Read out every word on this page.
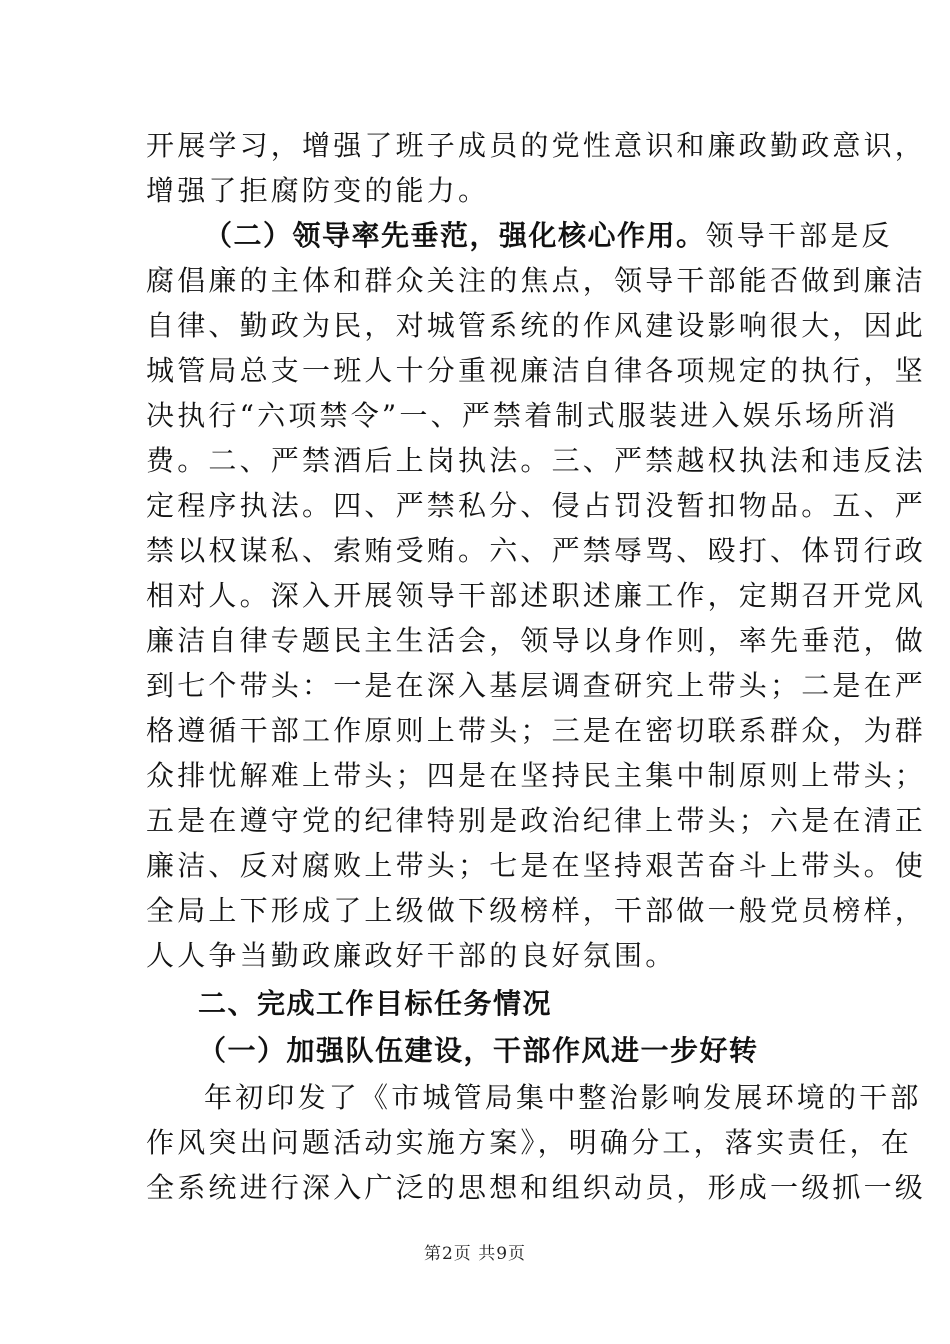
开展学习，增强了班子成员的党性意识和廉政勤政意识，
增强了拒腐防变的能力。
（二）领导率先垂范，强化核心作用。领导干部是反
腐倡廉的主体和群众关注的焦点，领导干部能否做到廉洁
自律、勤政为民，对城管系统的作风建设影响很大，因此
城管局总支一班人十分重视廉洁自律各项规定的执行，坚
决执行“六项禁令”一、严禁着制式服装进入娱乐场所消
费。二、严禁酒后上岗执法。三、严禁越权执法和违反法
定程序执法。四、严禁私分、侵占罚没暂扣物品。五、严
禁以权谋私、索贿受贿。六、严禁辱骂、殴打、体罚行政
相对人。深入开展领导干部述职述廉工作，定期召开党风
廉洁自律专题民主生活会，领导以身作则，率先垂范，做
到七个带头：一是在深入基层调查研究上带头；二是在严
格遵循干部工作原则上带头；三是在密切联系群众，为群
众排忧解难上带头；四是在坚持民主集中制原则上带头；
五是在遵守党的纪律特别是政治纪律上带头；六是在清正
廉洁、反对腐败上带头；七是在坚持艰苦奋斗上带头。使
全局上下形成了上级做下级榜样，干部做一般党员榜样，
人人争当勤政廉政好干部的良好氛围。
二、完成工作目标任务情况
（一）加强队伍建设，干部作风进一步好转
年初印发了《市城管局集中整治影响发展环境的干部
作风突出问题活动实施方案》，明确分工，落实责任，在
全系统进行深入广泛的思想和组织动员，形成一级抓一级
第2页 共9页
